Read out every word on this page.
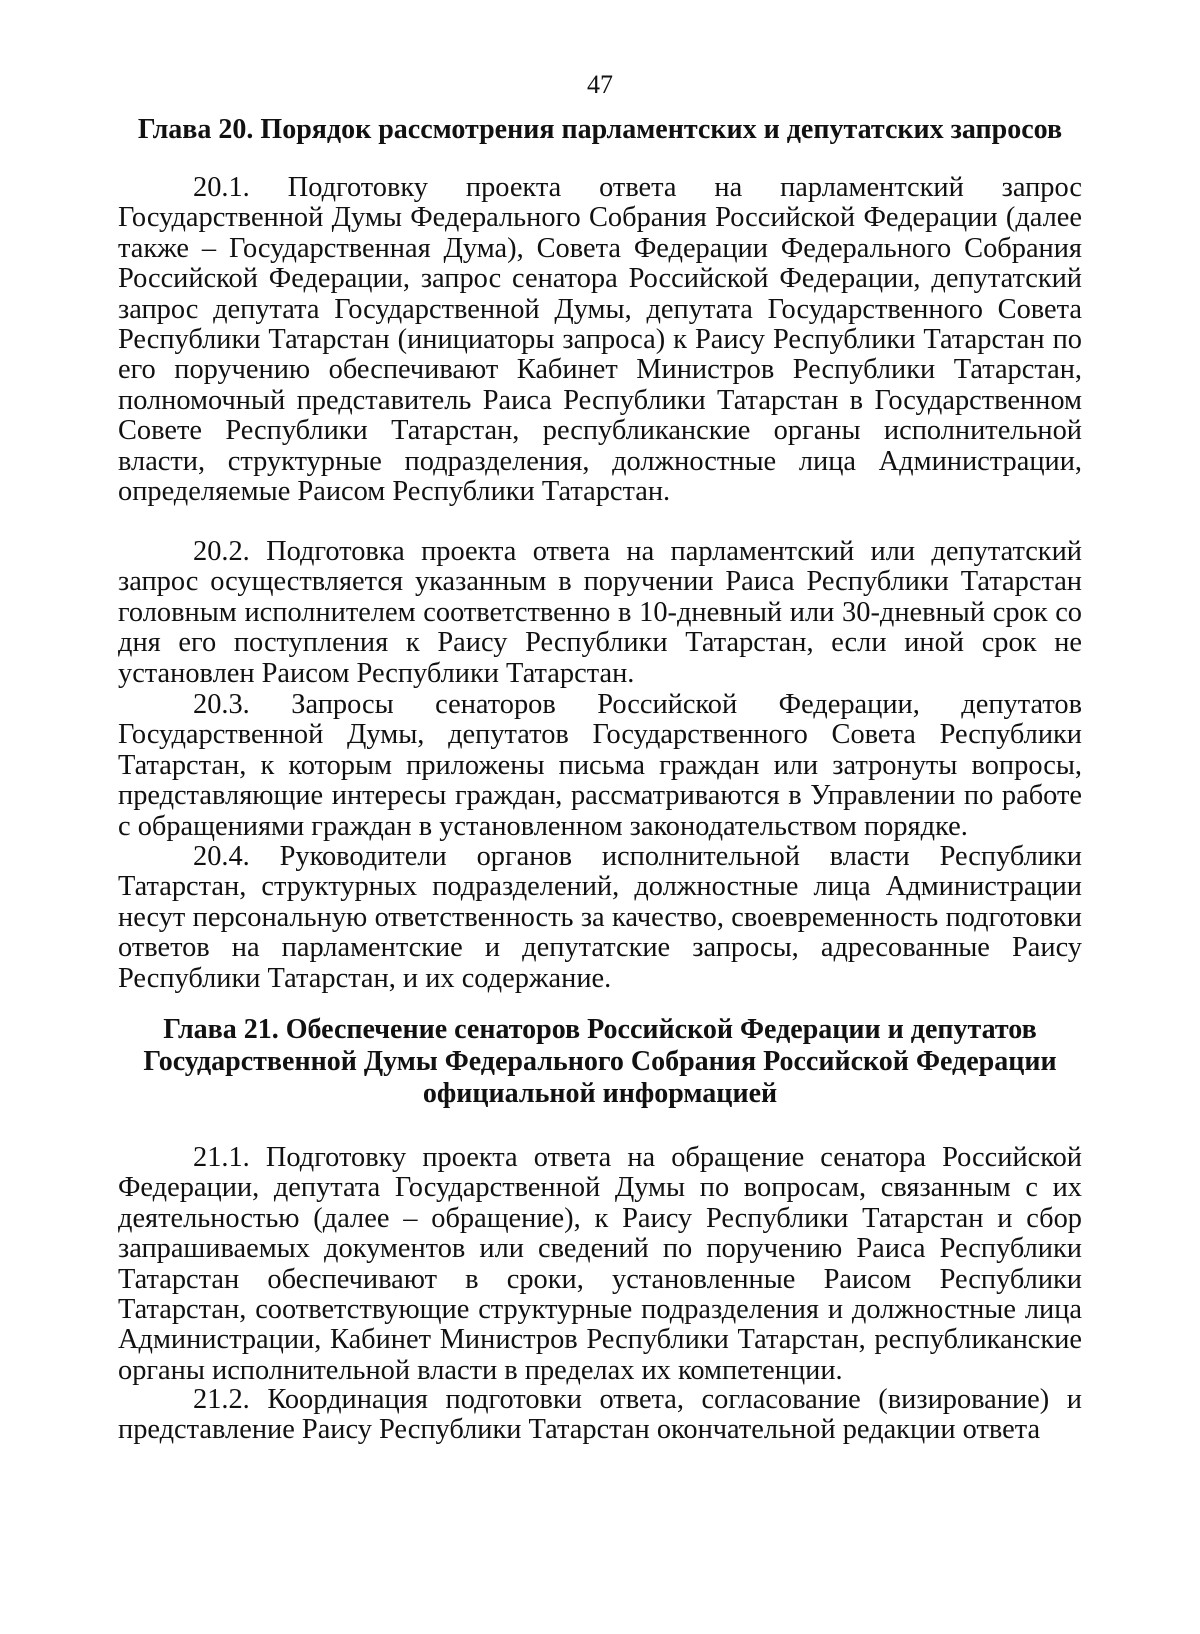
47
Глава 20. Порядок рассмотрения парламентских и депутатских запросов

20.1. Подготовку проекта ответа на парламентский запрос Государственной Думы Федерального Собрания Российской Федерации (далее также – Государственная Дума), Совета Федерации Федерального Собрания Российской Федерации, запрос сенатора Российской Федерации, депутатский запрос депутата Государственной Думы, депутата Государственного Совета Республики Татарстан (инициаторы запроса) к Раису Республики Татарстан по его поручению обеспечивают Кабинет Министров Республики Татарстан, полномочный представитель Раиса Республики Татарстан в Государственном Совете Республики Татарстан, республиканские органы исполнительной власти, структурные подразделения, должностные лица Администрации, определяемые Раисом Республики Татарстан.

20.2. Подготовка проекта ответа на парламентский или депутатский запрос осуществляется указанным в поручении Раиса Республики Татарстан головным исполнителем соответственно в 10-дневный или 30-дневный срок со дня его поступления к Раису Республики Татарстан, если иной срок не установлен Раисом Республики Татарстан.

20.3. Запросы сенаторов Российской Федерации, депутатов Государственной Думы, депутатов Государственного Совета Республики Татарстан, к которым приложены письма граждан или затронуты вопросы, представляющие интересы граждан, рассматриваются в Управлении по работе с обращениями граждан в установленном законодательством порядке.

20.4. Руководители органов исполнительной власти Республики Татарстан, структурных подразделений, должностные лица Администрации несут персональную ответственность за качество, своевременность подготовки ответов на парламентские и депутатские запросы, адресованные Раису Республики Татарстан, и их содержание.

Глава 21. Обеспечение сенаторов Российской Федерации и депутатов
Государственной Думы Федерального Собрания Российской Федерации
официальной информацией

21.1. Подготовку проекта ответа на обращение сенатора Российской Федерации, депутата Государственной Думы по вопросам, связанным с их деятельностью (далее – обращение), к Раису Республики Татарстан и сбор запрашиваемых документов или сведений по поручению Раиса Республики Татарстан обеспечивают в сроки, установленные Раисом Республики Татарстан, соответствующие структурные подразделения и должностные лица Администрации, Кабинет Министров Республики Татарстан, республиканские органы исполнительной власти в пределах их компетенции.

21.2. Координация подготовки ответа, согласование (визирование) и представление Раису Республики Татарстан окончательной редакции ответа
